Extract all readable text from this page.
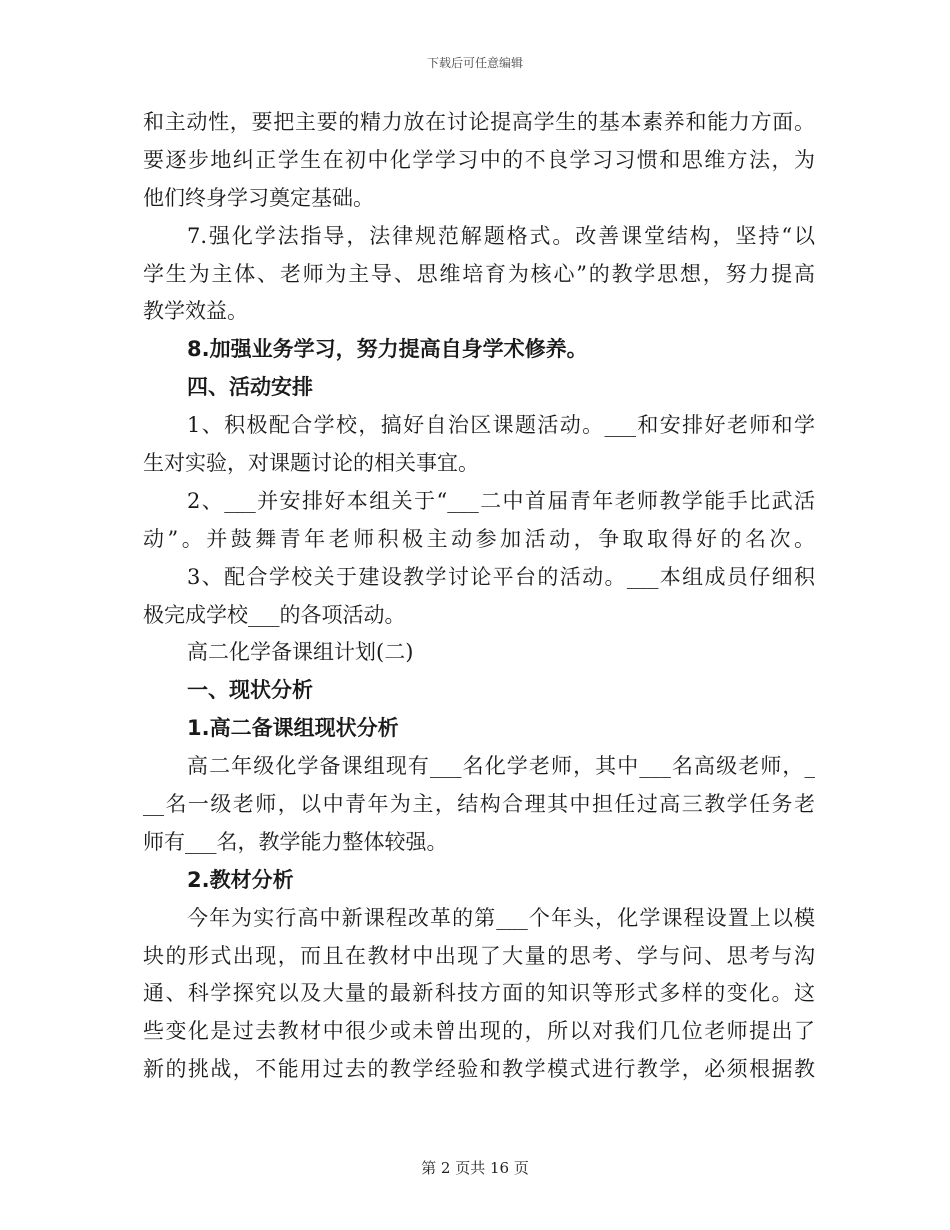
下载后可任意编辑
和主动性，要把主要的精力放在讨论提高学生的基本素养和能力方面。
要逐步地纠正学生在初中化学学习中的不良学习习惯和思维方法，为
他们终身学习奠定基础。
7.强化学法指导，法律规范解题格式。改善课堂结构，坚持“以
学生为主体、老师为主导、思维培育为核心”的教学思想，努力提高
教学效益。
8.加强业务学习，努力提高自身学术修养。
四、活动安排
1、积极配合学校，搞好自治区课题活动。___和安排好老师和学
生对实验，对课题讨论的相关事宜。
2、___并安排好本组关于“___二中首届青年老师教学能手比武活
动”。并鼓舞青年老师积极主动参加活动，争取取得好的名次。
3、配合学校关于建设教学讨论平台的活动。___本组成员仔细积
极完成学校___的各项活动。
高二化学备课组计划(二)
一、现状分析
1.高二备课组现状分析
高二年级化学备课组现有___名化学老师，其中___名高级老师，_
__名一级老师，以中青年为主，结构合理其中担任过高三教学任务老
师有___名，教学能力整体较强。
2.教材分析
今年为实行高中新课程改革的第___个年头，化学课程设置上以模
块的形式出现，而且在教材中出现了大量的思考、学与问、思考与沟
通、科学探究以及大量的最新科技方面的知识等形式多样的变化。这
些变化是过去教材中很少或未曾出现的，所以对我们几位老师提出了
新的挑战，不能用过去的教学经验和教学模式进行教学，必须根据教
第 2 页共 16 页
